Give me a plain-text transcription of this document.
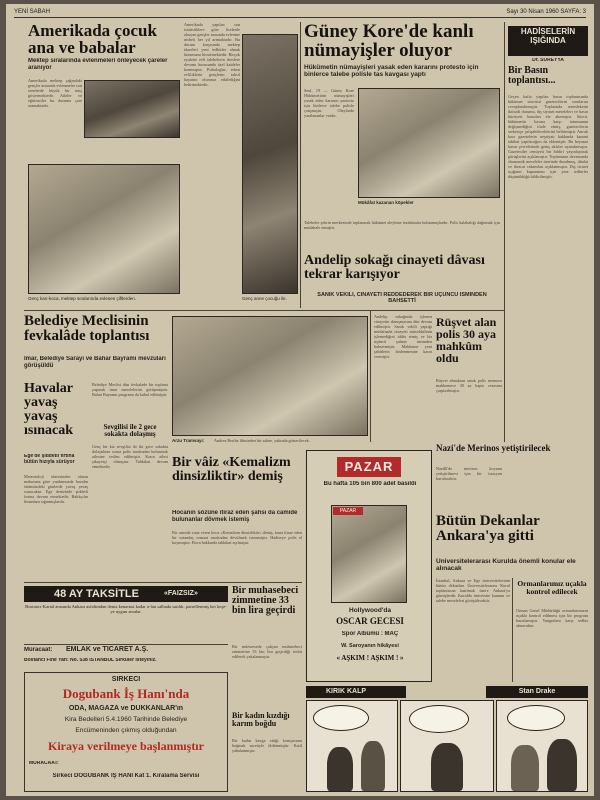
YENİ SABAH	Sayı 30 Nisan 1960 SAYFA: 3
Amerikada çocuk ana ve babalar
Mektep sıralarında evlenmeleri önleyecek çareler aranıyor
Amerikada mektep çağındaki gençler arasında evlenmeler son senelerde büyük bir artış göstermektedir. Aileler ve eğitimciler bu duruma çare aramaktadır.
Genç karı-koca, mektep sıralarında evlenen çiftlerden.
Amerikada yapılan son istatistiklere göre liselerde okuyan gençler arasında evlenme nisbeti her yıl artmaktadır. Bu durum karşısında mektep idareleri yeni tedbirler almak lüzumunu hissetmektedir. Birçok eyalette evli talebelerin derslere devamı hususunda özel kaideler konmuştur. Psikologlar, erken evliliklerin gençlerin tahsil hayatını olumsuz etkilediğini belirtmektedir.
Genç anne çocuğu ile.
Güney Kore'de kanlı nümayişler oluyor
Hükümetin nümayişleri yasak eden kararını protesto için binlerce talebe polisle tas kavgası yaptı
Seul, 19 — Güney Kore Hükümetinin nümayişleri yasak eden kararını protesto için binlerce talebe polisle çatışmıştır. Olaylarda yaralananlar vardır.
Mükâfat kazanan köpekler
Talebeler şehrin merkezinde toplanarak hükümet aleyhine tezahüratta bulunmuşlardır. Polis kalabalığı dağıtmak için müdahale etmiştir.
HADİSELERİN IŞIĞINDA
Dr. SÜREYYA
Bir Basın toplantısı...
Geçen hafta yapılan basın toplantısında hükümet sözcüsü gazetecilerin sorularını cevaplandırmıştır. Toplantıda memleketin iktisadi durumu, dış siyaset meseleleri ve basın hürriyeti konuları ele alınmıştır. Sözcü, hükümetin basına karşı tutumunun değişmediğini ifade etmiş, gazetecilerin serbestçe çalışabileceklerini belirtmiştir. Ancak bazı gazetelerin neşriyatı hakkında kanuni takibat yapılacağını da eklemiştir. Bu beyanat basın çevrelerinde geniş akisler uyandırmıştır. Gazeteciler cemiyeti bir bildiri yayınlayarak görüşlerini açıklamıştır. Toplantının devamında ekonomik meseleler üzerinde durulmuş, ithalat ve ihracat rakamları açıklanmıştır. Dış ticaret açığının kapanması için yeni tedbirler düşünüldüğü bildirilmiştir.
Belediye Meclisinin fevkalâde toplantısı
İmar, Belediye Sarayı ve Bahar Bayramı mevzuları görüşüldü
Arzu Tramvayı:	Andrea Bertha filminden bir sahne, yakında gösterilecek.
Andelip sokağı cinayeti dâvası tekrar karışıyor
SANIK VEKİLİ, CİNAYETİ REDDEDEREK BİR ÜÇÜNCÜ İSMİNDEN BAHSETTİ
Andelip sokağında işlenen cinayetin duruşmasına dün devam edilmiştir. Sanık vekili yaptığı müdafaada cinayeti müvekkilinin işlemediğini iddia etmiş ve bir üçüncü şahsın isminden bahsetmiştir. Mahkeme yeni şahitlerin dinlenmesine karar vermiştir.
Rüşvet alan polis 30 aya mahkûm oldu
Rüşvet almaktan sanık polis memuru mahkemece 30 ay hapis cezasına çarptırılmıştır.
Havalar yavaş yavaş ısınacak
Ege'de şiddetli fırtına bütün hızıyla sürüyor
Meteoroloji idaresinden alınan malumata göre yurdumuzda havalar önümüzdeki günlerde yavaş yavaş ısınacaktır. Ege denizinde şiddetli fırtına devam etmektedir. Balıkçılar limanlara sığınmışlardır.
Belediye Meclisi dün fevkalade bir toplantı yaparak imar meselelerini görüşmüştür. Bahar Bayramı programı da kabul edilmiştir.
Sevgilisi ile 2 gece sokakta dolaşmış
Genç bir kız sevgilisi ile iki gece sokakta dolaştıktan sonra polis tarafından bulunarak ailesine teslim edilmiştir. Kızın ailesi şikayetçi olmuştur. Tahkikat devam etmektedir.
Nazi'de Merinos yetiştirilecek
Nazilli'de merinos koyunu yetiştirilmesi için bir istasyon kurulacaktır.
Bir vâiz «Kemalizm dinsizliktir» demiş
Hocanın sözüne itiraz eden şahsı da camide bulunanlar dövmek istemiş
Bir camide vaaz veren hoca «Kemalizm dinsizliktir» demiş, buna itiraz eden bir vatandaş cemaat tarafından dövülmek istenmiştir. Hadiseye polis el koymuştur. Hoca hakkında tahkikat açılmıştır.
PAZAR
Bu hafta 105 bin 800 adet basıldı
PAZAR
Hollywood'da
OSCAR GECESİ
Spor Albümü : MAÇ
W. Saroyanın hikâyesi
« AŞKIM ! AŞKIM ! »
Bütün Dekanlar Ankara'ya gitti
Üniversitelerarası Kurulda önemli konular ele alınacak
İstanbul, Ankara ve Ege üniversitelerinin bütün dekanları Üniversitelerarası Kurul toplantısına katılmak üzere Ankara'ya gitmişlerdir. Kurulda üniversite kanunu ve talebe meseleleri görüşülecektir.
Ormanlarımız uçakla kontrol edilecek
Orman Genel Müdürlüğü ormanlarımızın uçakla kontrol edilmesi için bir program hazırlamıştır. Yangınlara karşı tedbir alınacaktır.
48 AY TAKSİTLE	«FAİZSİZ»
Bostancı-Kartal arasında Ankara asfaltından deniz kenarına kadar a-lan salhada satılık, parsellenmiş her keşe-ye uygun arsalar.
Müracaat:	EMLÂK ve TİCARET A.Ş.
Bostancı Fine Yan: No. 538 İSTANBUL Sirküler isteyiniz.
Bir muhasebeci zimmetine 33 bin lira geçirdi
Bir müessesede çalışan muhasebeci zimmetine 33 bin lira geçirdiği tesbit edilerek yakalanmıştır.
Bir kadın kızdığı karım boğdu
Bir kadın kavga ettiği komşusunu boğmak suretiyle öldürmüştür. Katil yakalanmıştır.
SİRKECİ
Dogubank İş Hanı'nda
ODA, MAĞAZA ve DÜKKANLAR'ın
Kira Bedelleri 5.4.1960 Tarihinde Belediye
Encümeninden çıkmış olduğundan
Kiraya verilmeye başlanmıştır
MÜRACAAT:
Sirkeci DOĞUBANK İŞ HANI Kat 1. Kiralama Servisi
KIRIK KALP	Stan Drake
